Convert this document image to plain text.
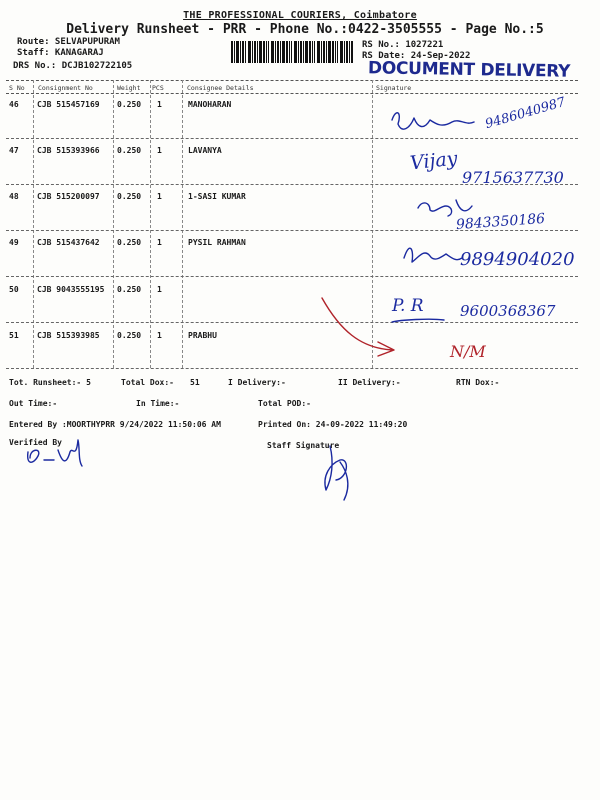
THE PROFESSIONAL COURIERS, Coimbatore
Delivery Runsheet - PRR - Phone No.:0422-3505555 - Page No.:5
Route: SELVAPUPURAM
Staff: KANAGARAJ
DRS No.: DCJB102722105
RS No.: 1027221
RS Date: 24-Sep-2022
DOCUMENT DELIVERY
S No Consignment No	Weight PCS	Consignee Details	Signature
46 CJB 515457169 0.250 1	MANOHARAN
47 CJB 515393966 0.250 1	LAVANYA
48 CJB 515200097 0.250 1	1-SASI KUMAR
49 CJB 515437642 0.250 1	PYSIL RAHMAN
50 CJB 9043555195 0.250 1
51 CJB 515393985 0.250 1	PRABHU
9486040987
Vijay
9715637730
9843350186
9894904020
P. R 9600368367
N/M
Tot. Runsheet:- 5	Total Dox:- 51	I Delivery:-	II Delivery:-	RTN Dox:-
Out Time:-	In Time:-	Total POD:-
Entered By :MOORTHYPRR 9/24/2022 11:50:06 AM	Printed On: 24-09-2022 11:49:20
Verified By	Staff Signature
